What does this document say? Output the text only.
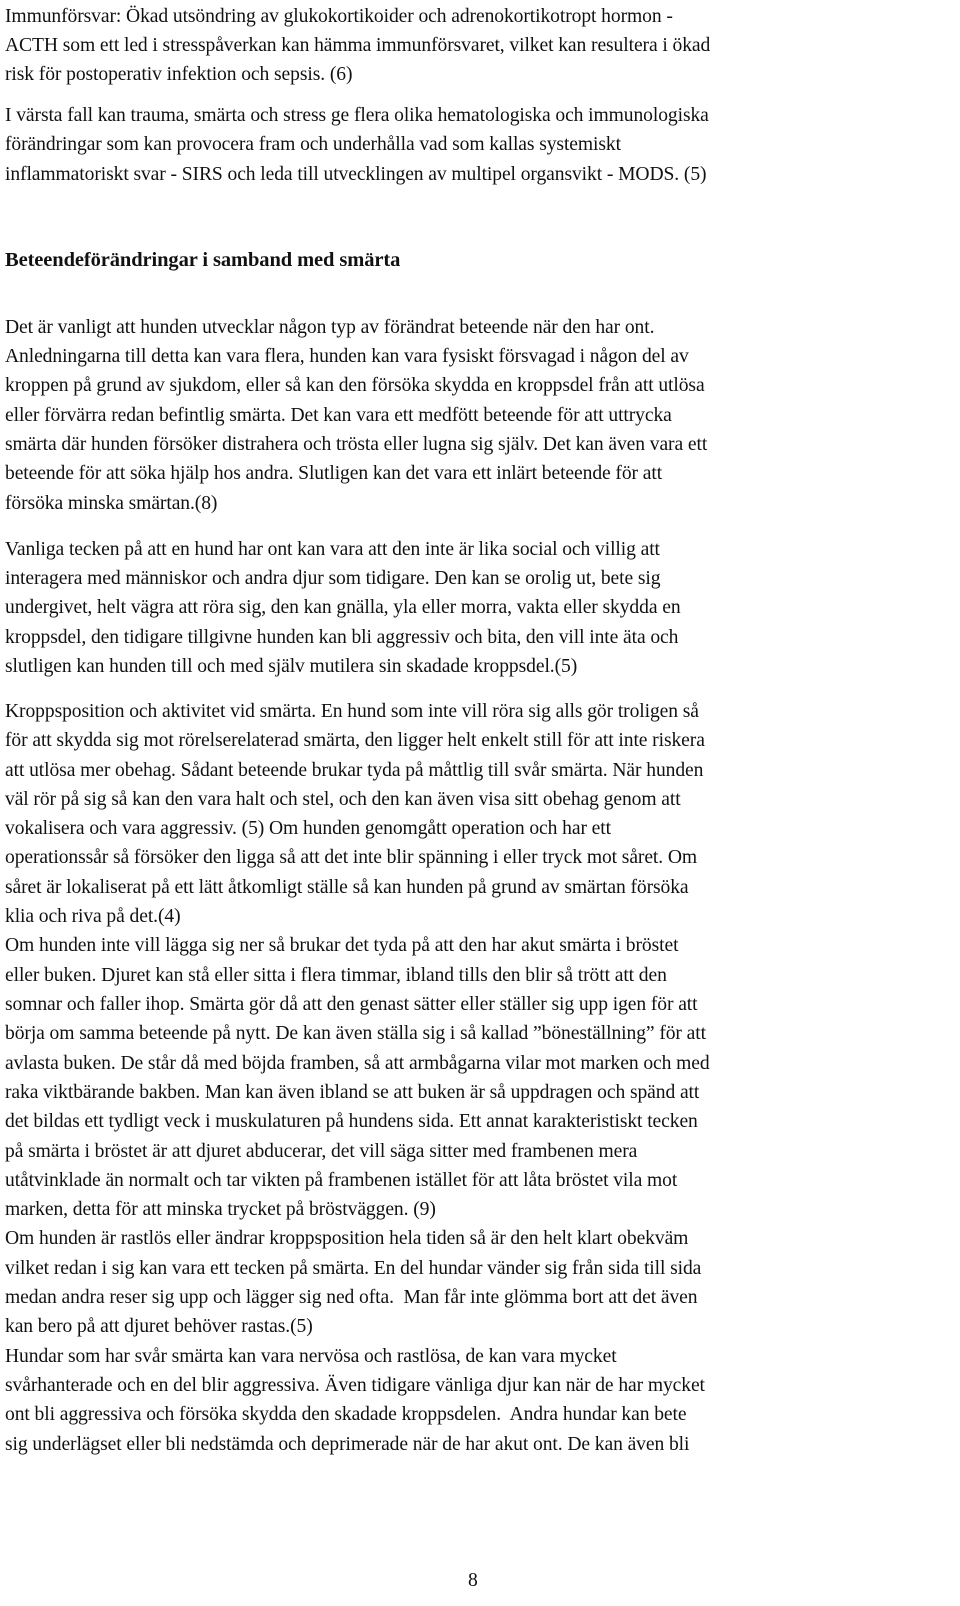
Immunförsvar: Ökad utsöndring av glukokortikoider och adrenokortikotropt hormon -
ACTH som ett led i stresspåverkan kan hämma immunförsvaret, vilket kan resultera i ökad
risk för postoperativ infektion och sepsis. (6)
I värsta fall kan trauma, smärta och stress ge flera olika hematologiska och immunologiska
förändringar som kan provocera fram och underhålla vad som kallas systemiskt
inflammatoriskt svar - SIRS och leda till utvecklingen av multipel organsvikt - MODS. (5)
Beteendeförändringar i samband med smärta
Det är vanligt att hunden utvecklar någon typ av förändrat beteende när den har ont.
Anledningarna till detta kan vara flera, hunden kan vara fysiskt försvagad i någon del av
kroppen på grund av sjukdom, eller så kan den försöka skydda en kroppsdel från att utlösa
eller förvärra redan befintlig smärta. Det kan vara ett medfött beteende för att uttrycka
smärta där hunden försöker distrahera och trösta eller lugna sig själv. Det kan även vara ett
beteende för att söka hjälp hos andra. Slutligen kan det vara ett inlärt beteende för att
försöka minska smärtan.(8)
Vanliga tecken på att en hund har ont kan vara att den inte är lika social och villig att
interagera med människor och andra djur som tidigare. Den kan se orolig ut, bete sig
undergivet, helt vägra att röra sig, den kan gnälla, yla eller morra, vakta eller skydda en
kroppsdel, den tidigare tillgivne hunden kan bli aggressiv och bita, den vill inte äta och
slutligen kan hunden till och med själv mutilera sin skadade kroppsdel.(5)
Kroppsposition och aktivitet vid smärta. En hund som inte vill röra sig alls gör troligen så
för att skydda sig mot rörelserelaterad smärta, den ligger helt enkelt still för att inte riskera
att utlösa mer obehag. Sådant beteende brukar tyda på måttlig till svår smärta. När hunden
väl rör på sig så kan den vara halt och stel, och den kan även visa sitt obehag genom att
vokalisera och vara aggressiv. (5) Om hunden genomgått operation och har ett
operationssår så försöker den ligga så att det inte blir spänning i eller tryck mot såret. Om
såret är lokaliserat på ett lätt åtkomligt ställe så kan hunden på grund av smärtan försöka
klia och riva på det.(4)
Om hunden inte vill lägga sig ner så brukar det tyda på att den har akut smärta i bröstet
eller buken. Djuret kan stå eller sitta i flera timmar, ibland tills den blir så trött att den
somnar och faller ihop. Smärta gör då att den genast sätter eller ställer sig upp igen för att
börja om samma beteende på nytt. De kan även ställa sig i så kallad ”böneställning” för att
avlasta buken. De står då med böjda framben, så att armbågarna vilar mot marken och med
raka viktbärande bakben. Man kan även ibland se att buken är så uppdragen och spänd att
det bildas ett tydligt veck i muskulaturen på hundens sida. Ett annat karakteristiskt tecken
på smärta i bröstet är att djuret abducerar, det vill säga sitter med frambenen mera
utåtvinklade än normalt och tar vikten på frambenen istället för att låta bröstet vila mot
marken, detta för att minska trycket på bröstväggen. (9)
Om hunden är rastlös eller ändrar kroppsposition hela tiden så är den helt klart obekväm
vilket redan i sig kan vara ett tecken på smärta. En del hundar vänder sig från sida till sida
medan andra reser sig upp och lägger sig ned ofta.  Man får inte glömma bort att det även
kan bero på att djuret behöver rastas.(5)
Hundar som har svår smärta kan vara nervösa och rastlösa, de kan vara mycket
svårhanterade och en del blir aggressiva. Även tidigare vänliga djur kan när de har mycket
ont bli aggressiva och försöka skydda den skadade kroppsdelen.  Andra hundar kan bete
sig underlägset eller bli nedstämda och deprimerade när de har akut ont. De kan även bli
8
